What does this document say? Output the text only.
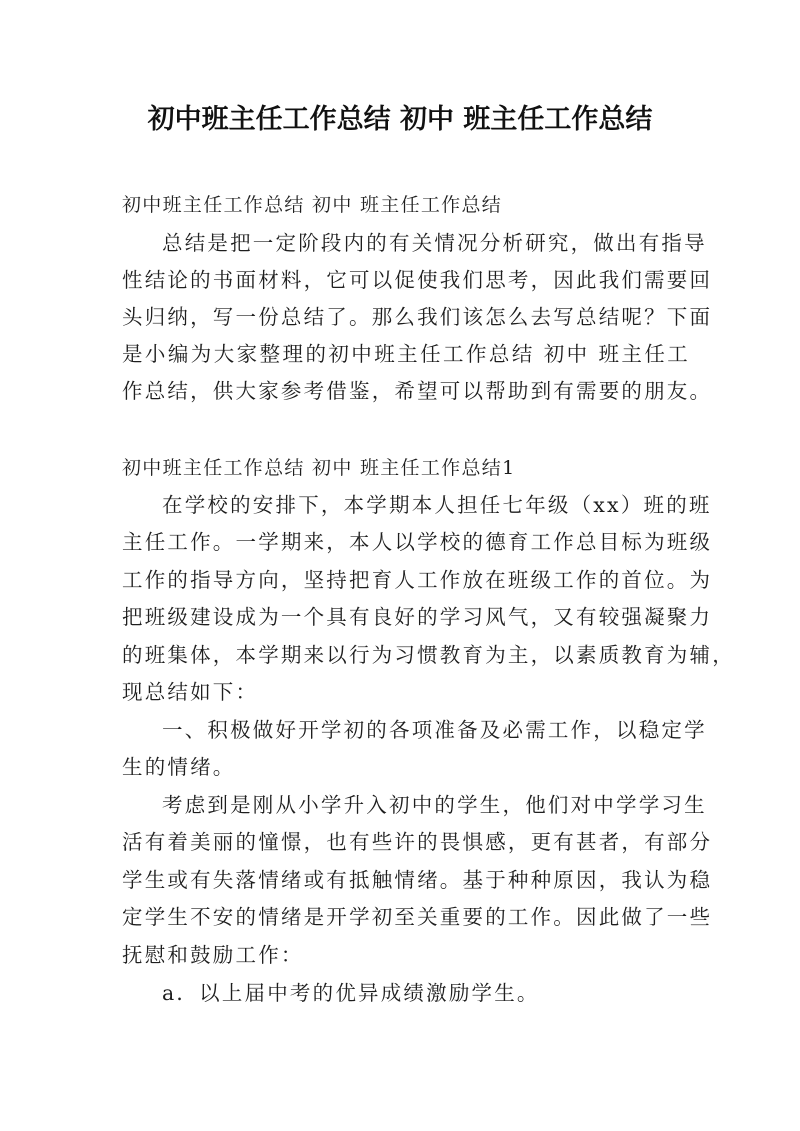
初中班主任工作总结 初中 班主任工作总结
初中班主任工作总结 初中 班主任工作总结
总结是把一定阶段内的有关情况分析研究，做出有指导
性结论的书面材料，它可以促使我们思考，因此我们需要回
头归纳，写一份总结了。那么我们该怎么去写总结呢？下面
是小编为大家整理的初中班主任工作总结 初中 班主任工
作总结，供大家参考借鉴，希望可以帮助到有需要的朋友。
初中班主任工作总结 初中 班主任工作总结1
在学校的安排下，本学期本人担任七年级（xx）班的班
主任工作。一学期来，本人以学校的德育工作总目标为班级
工作的指导方向，坚持把育人工作放在班级工作的首位。为
把班级建设成为一个具有良好的学习风气，又有较强凝聚力
的班集体，本学期来以行为习惯教育为主，以素质教育为辅，
现总结如下：
一、积极做好开学初的各项准备及必需工作，以稳定学
生的情绪。
考虑到是刚从小学升入初中的学生，他们对中学学习生
活有着美丽的憧憬，也有些许的畏惧感，更有甚者，有部分
学生或有失落情绪或有抵触情绪。基于种种原因，我认为稳
定学生不安的情绪是开学初至关重要的工作。因此做了一些
抚慰和鼓励工作：
a．以上届中考的优异成绩激励学生。
